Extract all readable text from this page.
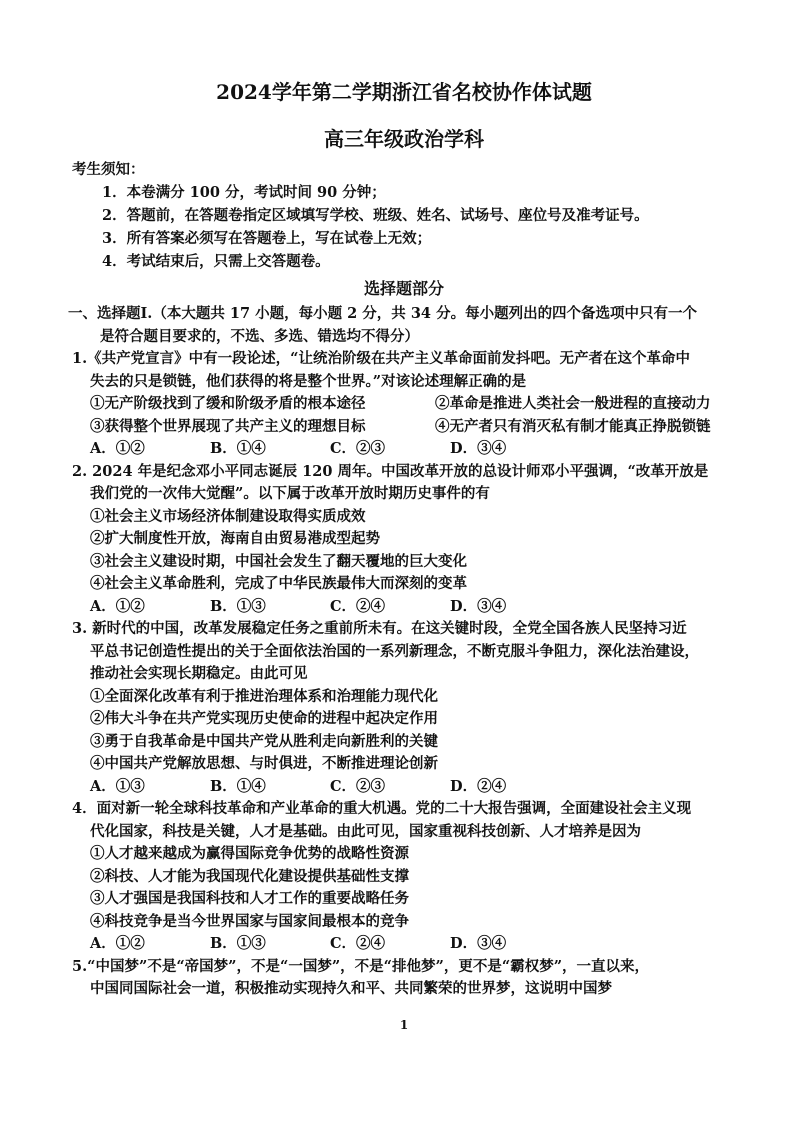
2024学年第二学期浙江省名校协作体试题
高三年级政治学科
考生须知：
1．本卷满分 100 分，考试时间 90 分钟；
2．答题前，在答题卷指定区域填写学校、班级、姓名、试场号、座位号及准考证号。
3．所有答案必须写在答题卷上，写在试卷上无效；
4．考试结束后，只需上交答题卷。
选择题部分
一、选择题Ⅰ.（本大题共 17 小题，每小题 2 分，共 34 分。每小题列出的四个备选项中只有一个
是符合题目要求的，不选、多选、错选均不得分）
1.《共产党宣言》中有一段论述，“让统治阶级在共产主义革命面前发抖吧。无产者在这个革命中
失去的只是锁链，他们获得的将是整个世界。”对该论述理解正确的是
①无产阶级找到了缓和阶级矛盾的根本途径	②革命是推进人类社会一般进程的直接动力
③获得整个世界展现了共产主义的理想目标	④无产者只有消灭私有制才能真正挣脱锁链
A．①②	B．①④	C．②③	D．③④
2. 2024 年是纪念邓小平同志诞辰 120 周年。中国改革开放的总设计师邓小平强调，“改革开放是
我们党的一次伟大觉醒”。以下属于改革开放时期历史事件的有
①社会主义市场经济体制建设取得实质成效
②扩大制度性开放，海南自由贸易港成型起势
③社会主义建设时期，中国社会发生了翻天覆地的巨大变化
④社会主义革命胜利，完成了中华民族最伟大而深刻的变革
A．①②	B．①③	C．②④	D．③④
3. 新时代的中国，改革发展稳定任务之重前所未有。在这关键时段，全党全国各族人民坚持习近
平总书记创造性提出的关于全面依法治国的一系列新理念，不断克服斗争阻力，深化法治建设，
推动社会实现长期稳定。由此可见
①全面深化改革有利于推进治理体系和治理能力现代化
②伟大斗争在共产党实现历史使命的进程中起决定作用
③勇于自我革命是中国共产党从胜利走向新胜利的关键
④中国共产党解放思想、与时俱进，不断推进理论创新
A．①③	B．①④	C．②③	D．②④
4．面对新一轮全球科技革命和产业革命的重大机遇。党的二十大报告强调，全面建设社会主义现
代化国家，科技是关键，人才是基础。由此可见，国家重视科技创新、人才培养是因为
①人才越来越成为赢得国际竞争优势的战略性资源
②科技、人才能为我国现代化建设提供基础性支撑
③人才强国是我国科技和人才工作的重要战略任务
④科技竞争是当今世界国家与国家间最根本的竞争
A．①②	B．①③	C．②④	D．③④
5.“中国梦”不是“帝国梦”，不是“一国梦”，不是“排他梦”，更不是“霸权梦”，一直以来，
中国同国际社会一道，积极推动实现持久和平、共同繁荣的世界梦，这说明中国梦
1
